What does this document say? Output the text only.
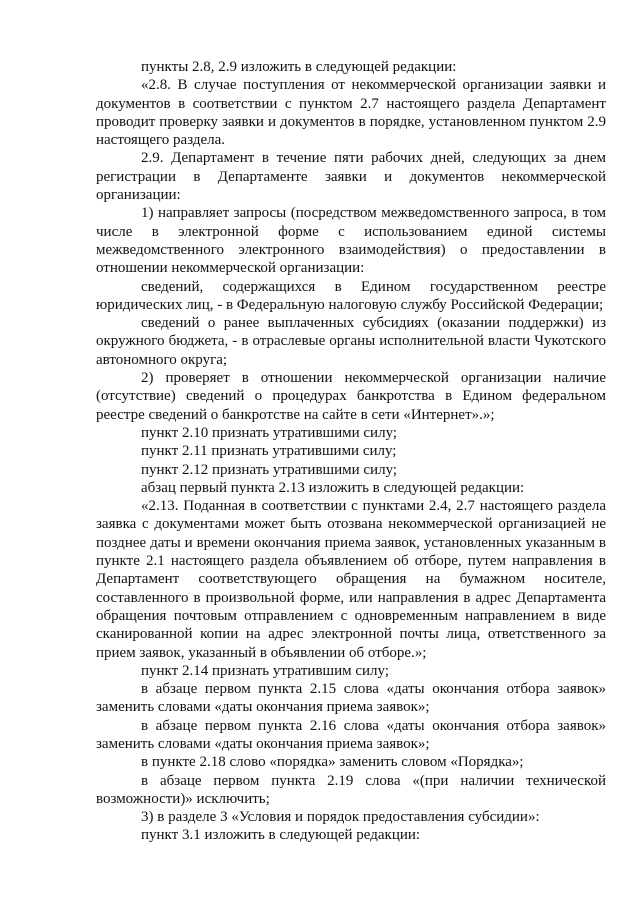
пункты 2.8, 2.9 изложить в следующей редакции:

«2.8. В случае поступления от некоммерческой организации заявки и документов в соответствии с пунктом 2.7 настоящего раздела Департамент проводит проверку заявки и документов в порядке, установленном пунктом 2.9 настоящего раздела.

2.9. Департамент в течение пяти рабочих дней, следующих за днем регистрации в Департаменте заявки и документов некоммерческой организации:

1) направляет запросы (посредством межведомственного запроса, в том числе в электронной форме с использованием единой системы межведомственного электронного взаимодействия) о предоставлении в отношении некоммерческой организации:

сведений, содержащихся в Едином государственном реестре юридических лиц, - в Федеральную налоговую службу Российской Федерации;

сведений о ранее выплаченных субсидиях (оказании поддержки) из окружного бюджета, - в отраслевые органы исполнительной власти Чукотского автономного округа;

2) проверяет в отношении некоммерческой организации наличие (отсутствие) сведений о процедурах банкротства в Едином федеральном реестре сведений о банкротстве на сайте в сети «Интернет».»;

пункт 2.10 признать утратившими силу;

пункт 2.11 признать утратившими силу;

пункт 2.12 признать утратившими силу;

абзац первый пункта 2.13 изложить в следующей редакции:

«2.13. Поданная в соответствии с пунктами 2.4, 2.7 настоящего раздела заявка с документами может быть отозвана некоммерческой организацией не позднее даты и времени окончания приема заявок, установленных указанным в пункте 2.1 настоящего раздела объявлением об отборе, путем направления в Департамент соответствующего обращения на бумажном носителе, составленного в произвольной форме, или направления в адрес Департамента обращения почтовым отправлением с одновременным направлением в виде сканированной копии на адрес электронной почты лица, ответственного за прием заявок, указанный в объявлении об отборе.»;

пункт 2.14 признать утратившим силу;

в абзаце первом пункта 2.15 слова «даты окончания отбора заявок» заменить словами «даты окончания приема заявок»;

в абзаце первом пункта 2.16 слова «даты окончания отбора заявок» заменить словами «даты окончания приема заявок»;

в пункте 2.18 слово «порядка» заменить словом «Порядка»;

в абзаце первом пункта 2.19 слова «(при наличии технической возможности)» исключить;

3) в разделе 3 «Условия и порядок предоставления субсидии»:

пункт 3.1 изложить в следующей редакции:
